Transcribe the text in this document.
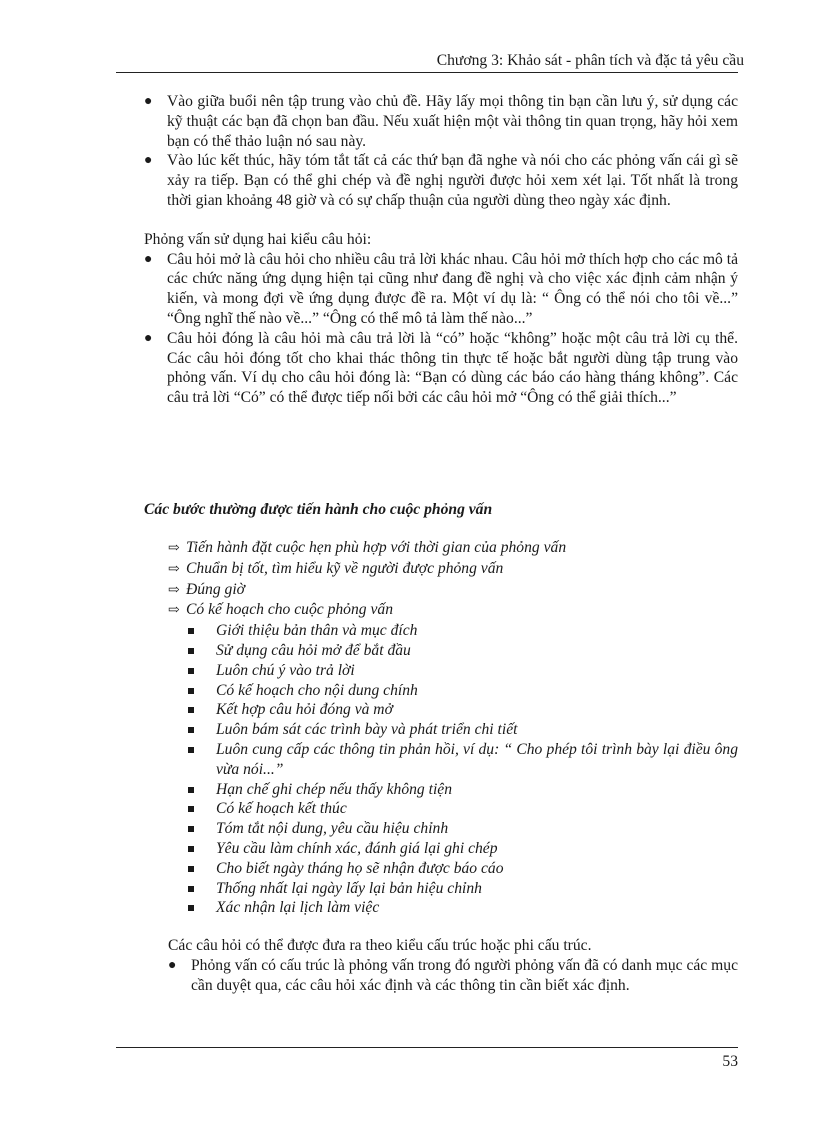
Chương 3: Khảo sát - phân tích và đặc tả yêu cầu
● Vào giữa buổi nên tập trung vào chủ đề. Hãy lấy mọi thông tin bạn cần lưu ý, sử dụng các kỹ thuật các bạn đã chọn ban đầu. Nếu xuất hiện một vài thông tin quan trọng, hãy hỏi xem bạn có thể thảo luận nó sau này.
● Vào lúc kết thúc, hãy tóm tắt tất cả các thứ bạn đã nghe và nói cho các phỏng vấn cái gì sẽ xảy ra tiếp. Bạn có thể ghi chép và đề nghị người được hỏi xem xét lại. Tốt nhất là trong thời gian khoảng 48 giờ và có sự chấp thuận của người dùng theo ngày xác định.

Phỏng vấn sử dụng hai kiểu câu hỏi:

● Câu hỏi mở là câu hỏi cho nhiều câu trả lời khác nhau. Câu hỏi mở thích hợp cho các mô tả các chức năng ứng dụng hiện tại cũng như đang đề nghị và cho việc xác định cảm nhận ý kiến, và mong đợi về ứng dụng được đề ra. Một ví dụ là: “ Ông có thể nói cho tôi về...” “Ông nghĩ thế nào về...” “Ông có thể mô tả làm thế nào...”
● Câu hỏi đóng là câu hỏi mà câu trả lời là “có” hoặc “không” hoặc một câu trả lời cụ thể. Các câu hỏi đóng tốt cho khai thác thông tin thực tế hoặc bắt người dùng tập trung vào phỏng vấn. Ví dụ cho câu hỏi đóng là: “Bạn có dùng các báo cáo hàng tháng không”. Các câu trả lời “Có” có thể được tiếp nối bởi các câu hỏi mở “Ông có thể giải thích...”
Các bước thường được tiến hành cho cuộc phỏng vấn
⇨ Tiến hành đặt cuộc hẹn phù hợp với thời gian của phỏng vấn
⇨ Chuẩn bị tốt, tìm hiểu kỹ về người được phỏng vấn
⇨ Đúng giờ
⇨ Có kế hoạch cho cuộc phỏng vấn
Giới thiệu bản thân và mục đích
Sử dụng câu hỏi mở để bắt đầu
Luôn chú ý vào trả lời
Có kế hoạch cho nội dung chính
Kết hợp câu hỏi đóng và mở
Luôn bám sát các trình bày và phát triển chi tiết
Luôn cung cấp các thông tin phản hồi, ví dụ: “ Cho phép tôi trình bày lại điều ông vừa nói...”
Hạn chế ghi chép nếu thấy không tiện
Có kế hoạch kết thúc
Tóm tắt nội dung, yêu cầu hiệu chỉnh
Yêu cầu làm chính xác, đánh giá lại ghi chép
Cho biết ngày tháng họ sẽ nhận được báo cáo
Thống nhất lại ngày lấy lại bản hiệu chỉnh
Xác nhận lại lịch làm việc

Các câu hỏi có thể được đưa ra theo kiểu cấu trúc hoặc phi cấu trúc.

● Phỏng vấn có cấu trúc là phỏng vấn trong đó người phỏng vấn đã có danh mục các mục cần duyệt qua, các câu hỏi xác định và các thông tin cần biết xác định.
53
